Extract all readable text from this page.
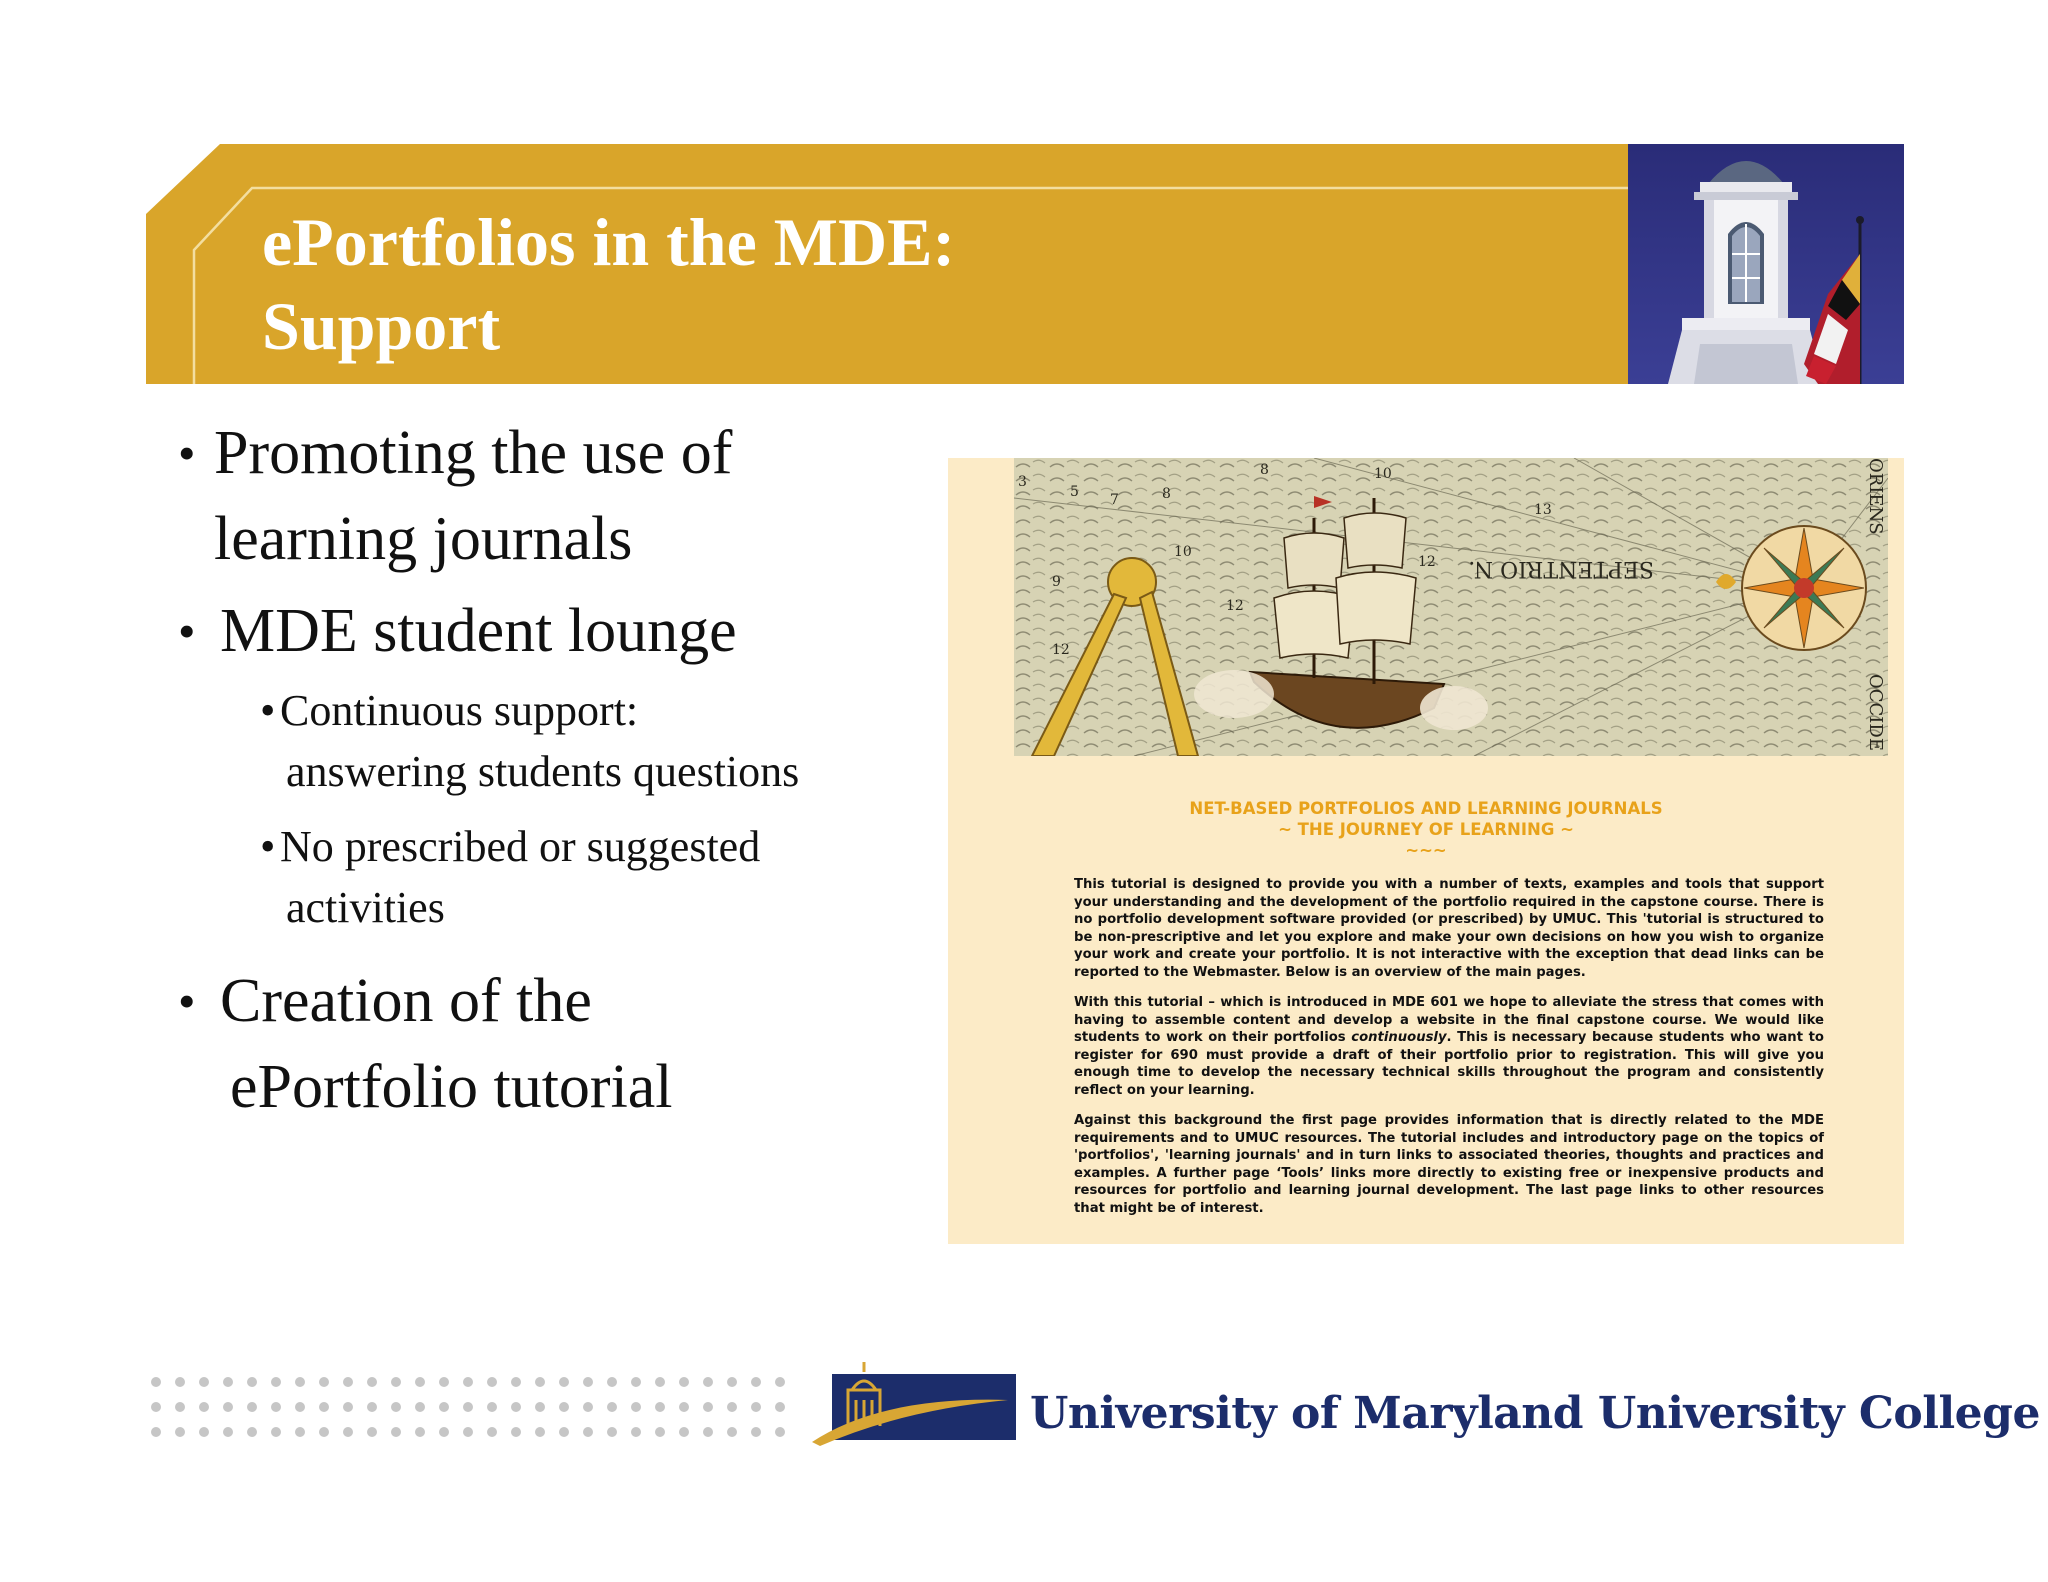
ePortfolios in the MDE:
Support
• Promoting the use of
learning journals
• MDE student lounge
• Continuous support:
answering students questions
• No prescribed or suggested
activities
• Creation of the
ePortfolio tutorial
SEPTENTRIO N.
ORIENS
OCCIDE
3
5 7	8
8	10
10
9
12
12
13
12
NET-BASED PORTFOLIOS AND LEARNING JOURNALS
~ THE JOURNEY OF LEARNING ~
~~~

This tutorial is designed to provide you with a number of texts, examples and tools that support your understanding and the development of the portfolio required in the capstone course. There is no portfolio development software provided (or prescribed) by UMUC. This 'tutorial is structured to be non-prescriptive and let you explore and make your own decisions on how you wish to organize your work and create your portfolio. It is not interactive with the exception that dead links can be reported to the Webmaster. Below is an overview of the main pages.

With this tutorial – which is introduced in MDE 601 we hope to alleviate the stress that comes with having to assemble content and develop a website in the final capstone course. We would like students to work on their portfolios continuously. This is necessary because students who want to register for 690 must provide a draft of their portfolio prior to registration. This will give you enough time to develop the necessary technical skills throughout the program and consistently reflect on your learning.

Against this background the first page provides information that is directly related to the MDE requirements and to UMUC resources. The tutorial includes and introductory page on the topics of 'portfolios', 'learning journals' and in turn links to associated theories, thoughts and practices and examples. A further page ‘Tools’ links more directly to existing free or inexpensive products and resources for portfolio and learning journal development. The last page links to other resources that might be of interest.

University of Maryland University College
